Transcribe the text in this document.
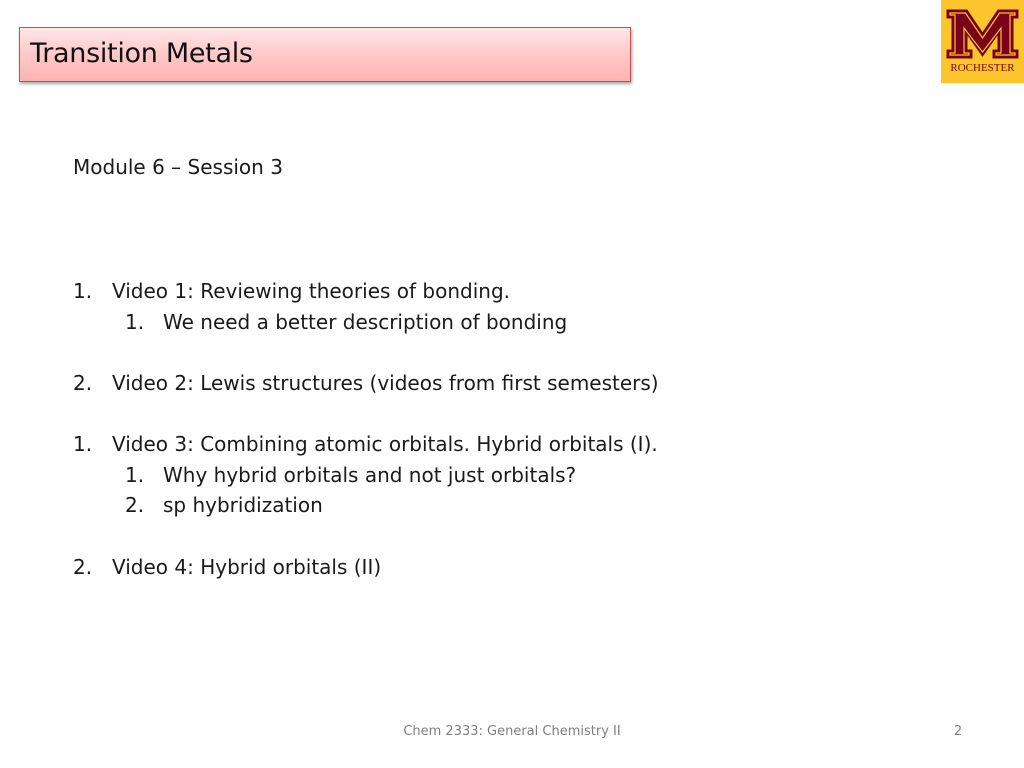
Transition Metals	ROCHESTER
Module 6 – Session 3
1. Video 1: Reviewing theories of bonding.
1. We need a better description of bonding
2. Video 2: Lewis structures (videos from first semesters)
1. Video 3: Combining atomic orbitals. Hybrid orbitals (I).
1. Why hybrid orbitals and not just orbitals?
2. sp hybridization
2. Video 4: Hybrid orbitals (II)
Chem 2333: General Chemistry II	2
